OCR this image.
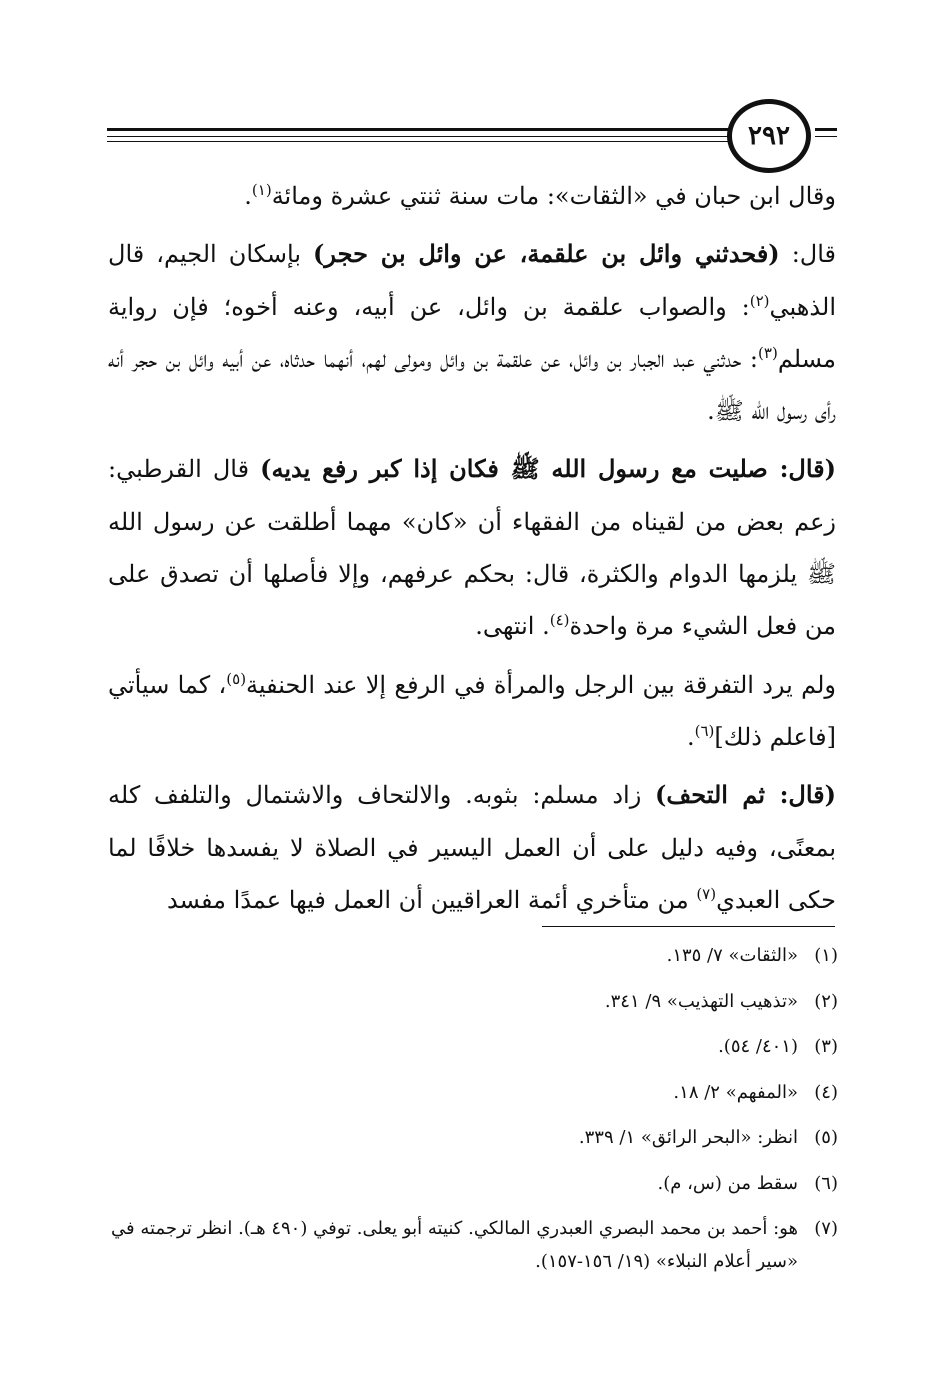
٢٩٢

وقال ابن حبان في «الثقات»: مات سنة ثنتي عشرة ومائة$^{(١)}$.

قال: (فحدثني وائل بن علقمة، عن وائل بن حجر) بإسكان الجيم، قال الذهبي$^{(٢)}$: والصواب علقمة بن وائل، عن أبيه، وعنه أخوه؛ فإن رواية مسلم$^{(٣)}$: حدثني عبد الجبار بن وائل، عن علقمة بن وائل ومولى لهم، أنهما حدثاه، عن أبيه وائل بن حجر أنه رأى رسول الله ﷺ.

(قال: صليت مع رسول الله ﷺ فكان إذا كبر رفع يديه) قال القرطبي: زعم بعض من لقيناه من الفقهاء أن «كان» مهما أطلقت عن رسول الله ﷺ يلزمها الدوام والكثرة، قال: بحكم عرفهم، وإلا فأصلها أن تصدق على من فعل الشيء مرة واحدة$^{(٤)}$. انتهى.

ولم يرد التفرقة بين الرجل والمرأة في الرفع إلا عند الحنفية$^{(٥)}$، كما سيأتي [فاعلم ذلك]$^{(٦)}$.

(قال: ثم التحف) زاد مسلم: بثوبه. والالتحاف والاشتمال والتلفف كله بمعنًى، وفيه دليل على أن العمل اليسير في الصلاة لا يفسدها خلافًا لما حكى العبدي$^{(٧)}$ من متأخري أئمة العراقيين أن العمل فيها عمدًا مفسد

(١)
«الثقات» ٧/ ١٣٥.
(٢)
«تذهيب التهذيب» ٩/ ٣٤١.
(٣)
(٤٠١/ ٥٤).
(٤)
«المفهم» ٢/ ١٨.
(٥)
انظر: «البحر الرائق» ١/ ٣٣٩.
(٦)
سقط من (س، م).
(٧)
هو: أحمد بن محمد البصري العبدري المالكي. كنيته أبو يعلى. توفي (٤٩٠ هـ). انظر ترجمته في «سير أعلام النبلاء» (١٩/ ١٥٦-١٥٧).
